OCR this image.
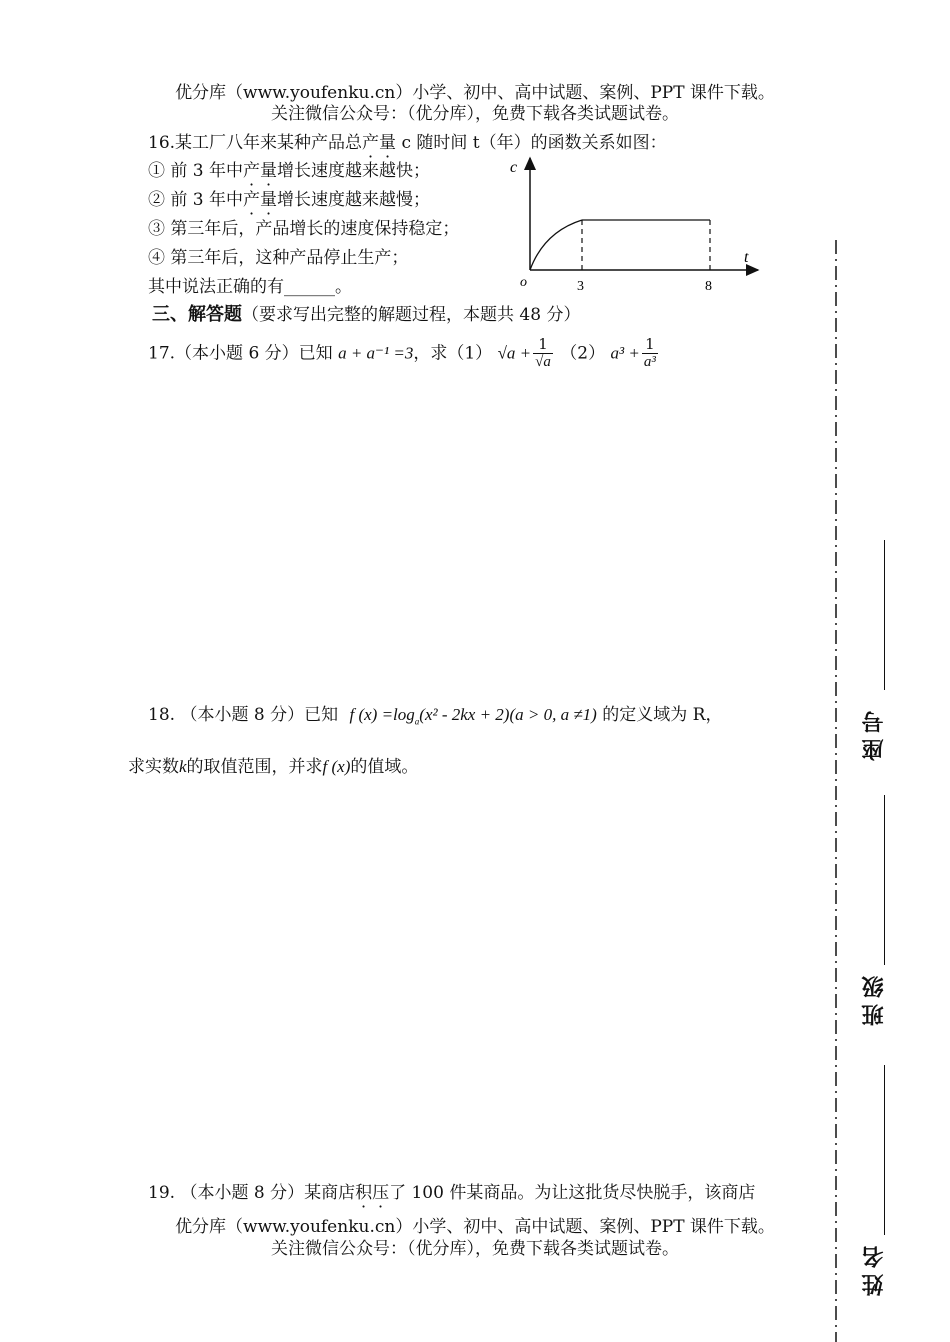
优分库（www.youfenku.cn）小学、初中、高中试题、案例、PPT 课件下载。
关注微信公众号：（优分库），免费下载各类试题试卷。
16.某工厂八年来某种产品总产量 c 随时间 t（年）的函数关系如图：
① 前 3 年中产量增长速度越来越快；
② 前 3 年中产量增长速度越来越慢；
③ 第三年后，产品增长的速度保持稳定；
④ 第三年后，这种产品停止生产；
其中说法正确的有______。
c
t
o	3	8
三、解答题（要求写出完整的解题过程，本题共 48 分）
17.（本小题 6 分）已知 a + a⁻¹ =3，求（1） $√a + \frac{1}{√a} (2) a^3 + \frac{1}{\text{a³}}$
18. （本小题 8 分）已知 f $(x) =\log_a(x^2 - 2kx + 2)(a > 0$, a ≠1) 的定义域为 R，
求实数k的取值范围，并求f (x)的值域。
19. （本小题 8 分）某商店积压了 100 件某商品。为让这批货尽快脱手，该商店
优分库（www.youfenku.cn）小学、初中、高中试题、案例、PPT 课件下载。
关注微信公众号：（优分库），免费下载各类试题试卷。
座号
班级
姓名
